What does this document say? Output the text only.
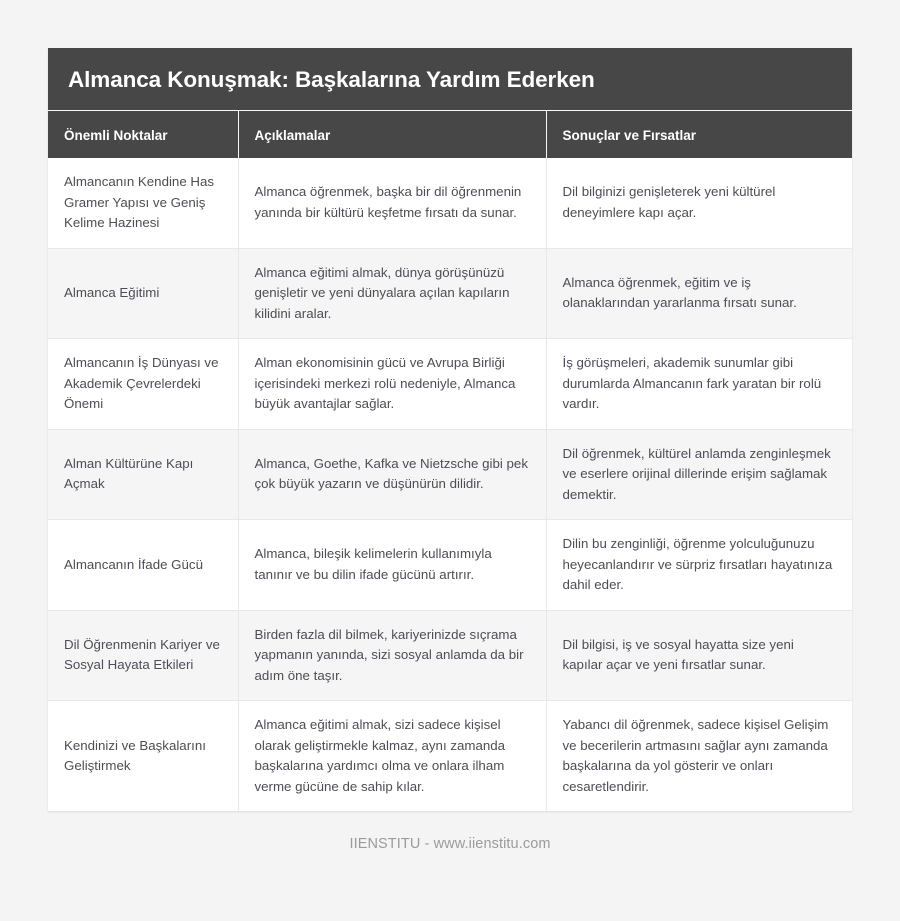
Almanca Konuşmak: Başkalarına Yardım Ederken
Önemli Noktalar	Açıklamalar	Sonuçlar ve Fırsatlar
Almancanın Kendine Has Gramer Yapısı ve Geniş Kelime Hazinesi	Almanca öğrenmek, başka bir dil öğrenmenin yanında bir kültürü keşfetme fırsatı da sunar.	Dil bilginizi genişleterek yeni kültürel deneyimlere kapı açar.
Almanca Eğitimi	Almanca eğitimi almak, dünya görüşünüzü genişletir ve yeni dünyalara açılan kapıların kilidini aralar.	Almanca öğrenmek, eğitim ve iş olanaklarından yararlanma fırsatı sunar.
Almancanın İş Dünyası ve Akademik Çevrelerdeki Önemi	Alman ekonomisinin gücü ve Avrupa Birliği içerisindeki merkezi rolü nedeniyle, Almanca büyük avantajlar sağlar.	İş görüşmeleri, akademik sunumlar gibi durumlarda Almancanın fark yaratan bir rolü vardır.
Alman Kültürüne Kapı Açmak	Almanca, Goethe, Kafka ve Nietzsche gibi pek çok büyük yazarın ve düşünürün dilidir.	Dil öğrenmek, kültürel anlamda zenginleşmek ve eserlere orijinal dillerinde erişim sağlamak demektir.
Almancanın İfade Gücü	Almanca, bileşik kelimelerin kullanımıyla tanınır ve bu dilin ifade gücünü artırır.	Dilin bu zenginliği, öğrenme yolculuğunuzu heyecanlandırır ve sürpriz fırsatları hayatınıza dahil eder.
Dil Öğrenmenin Kariyer ve Sosyal Hayata Etkileri	Birden fazla dil bilmek, kariyerinizde sıçrama yapmanın yanında, sizi sosyal anlamda da bir adım öne taşır.	Dil bilgisi, iş ve sosyal hayatta size yeni kapılar açar ve yeni fırsatlar sunar.
Kendinizi ve Başkalarını Geliştirmek	Almanca eğitimi almak, sizi sadece kişisel olarak geliştirmekle kalmaz, aynı zamanda başkalarına yardımcı olma ve onlara ilham verme gücüne de sahip kılar.	Yabancı dil öğrenmek, sadece kişisel Gelişim ve becerilerin artmasını sağlar aynı zamanda başkalarına da yol gösterir ve onları cesaretlendirir.
IIENSTITU - www.iienstitu.com
